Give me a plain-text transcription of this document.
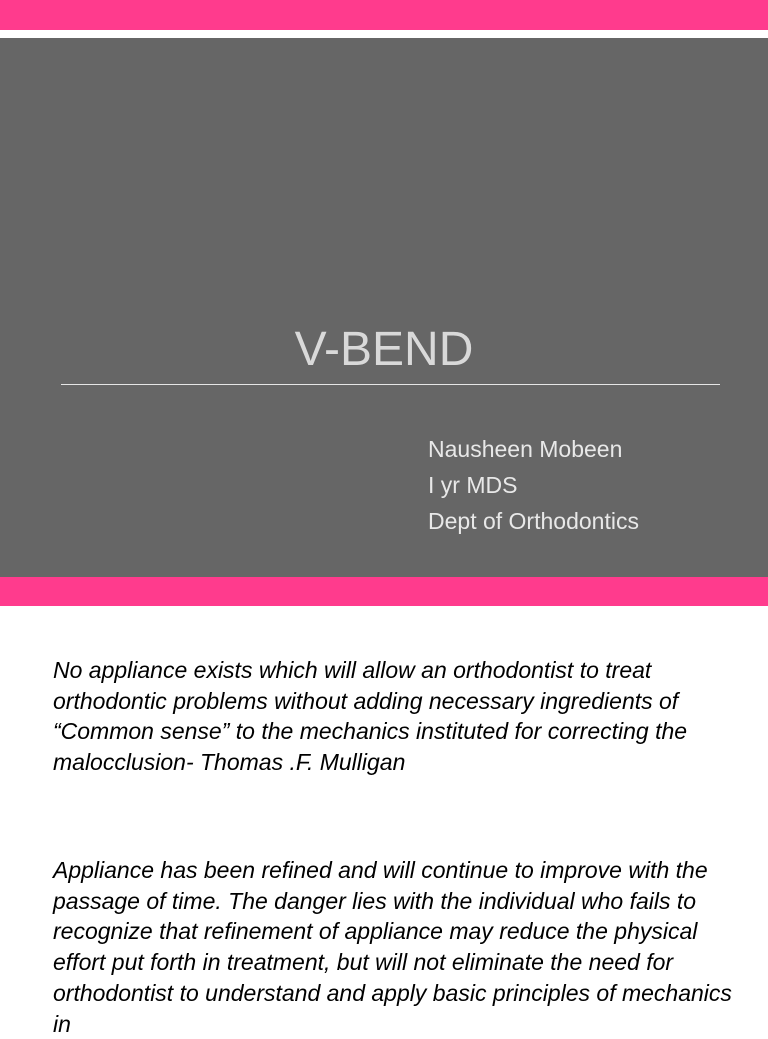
V-BEND
Nausheen Mobeen
I yr MDS
Dept of Orthodontics

No appliance exists which will allow an orthodontist to treat orthodontic problems without adding necessary ingredients of “Common sense” to the mechanics instituted for correcting the malocclusion- Thomas .F. Mulligan

Appliance has been refined and will continue to improve with the passage of time. The danger lies with the individual who fails to recognize that refinement of appliance may reduce the physical effort put forth in treatment, but will not eliminate the need for orthodontist to understand and apply basic principles of mechanics in
